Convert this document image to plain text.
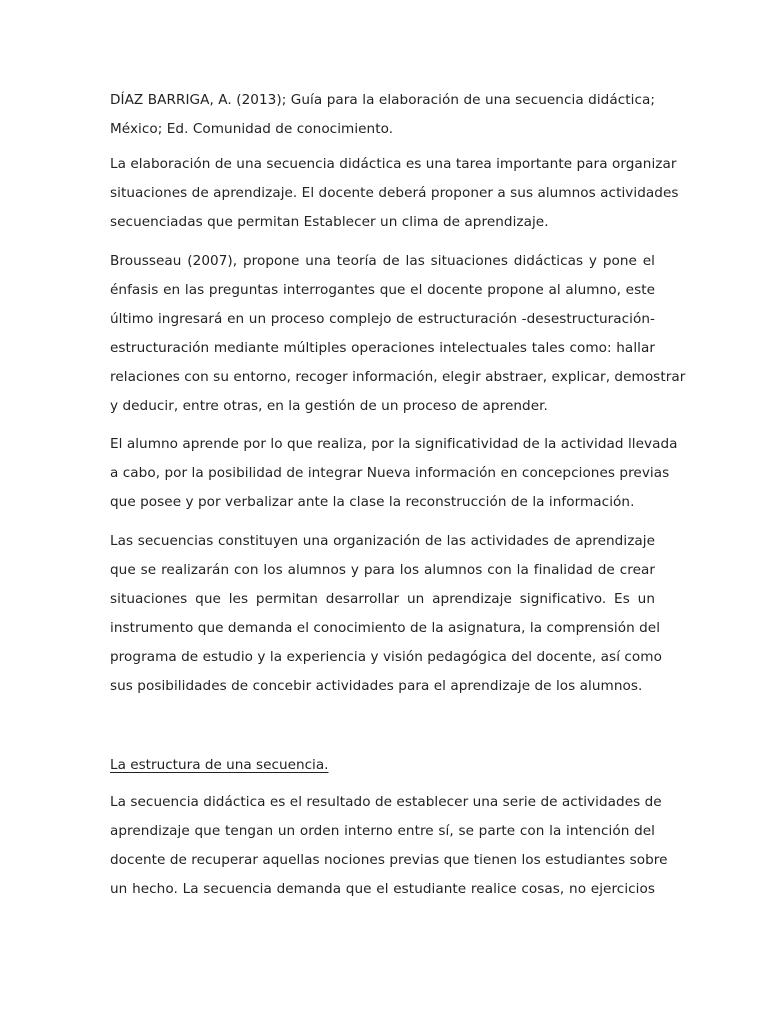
DÍAZ BARRIGA, A. (2013); Guía para la elaboración de una secuencia didáctica;
México; Ed. Comunidad de conocimiento.
La elaboración de una secuencia didáctica es una tarea importante para organizar
situaciones de aprendizaje. El docente deberá proponer a sus alumnos actividades
secuenciadas que permitan Establecer un clima de aprendizaje.
Brousseau (2007), propone una teoría de las situaciones didácticas y pone el
énfasis en las preguntas interrogantes que el docente propone al alumno, este
último ingresará en un proceso complejo de estructuración -desestructuración-
estructuración mediante múltiples operaciones intelectuales tales como: hallar
relaciones con su entorno, recoger información, elegir abstraer, explicar, demostrar
y deducir, entre otras, en la gestión de un proceso de aprender.
El alumno aprende por lo que realiza, por la significatividad de la actividad llevada
a cabo, por la posibilidad de integrar Nueva información en concepciones previas
que posee y por verbalizar ante la clase la reconstrucción de la información.
Las secuencias constituyen una organización de las actividades de aprendizaje
que se realizarán con los alumnos y para los alumnos con la finalidad de crear
situaciones que les permitan desarrollar un aprendizaje significativo. Es un
instrumento que demanda el conocimiento de la asignatura, la comprensión del
programa de estudio y la experiencia y visión pedagógica del docente, así como
sus posibilidades de concebir actividades para el aprendizaje de los alumnos.
La estructura de una secuencia.
La secuencia didáctica es el resultado de establecer una serie de actividades de
aprendizaje que tengan un orden interno entre sí, se parte con la intención del
docente de recuperar aquellas nociones previas que tienen los estudiantes sobre
un hecho. La secuencia demanda que el estudiante realice cosas, no ejercicios
